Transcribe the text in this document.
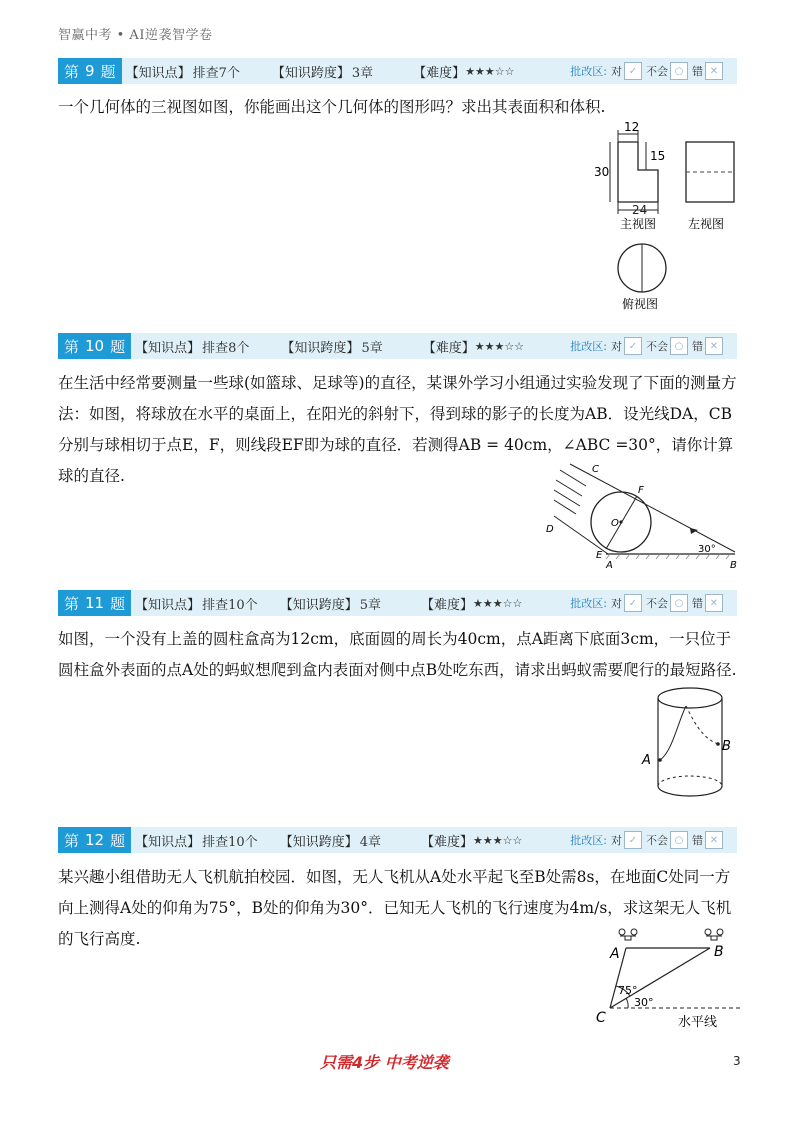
智赢中考 • AI逆袭智学卷
第 9 题 【知识点】 排查7个 【知识跨度】 3章	【难度】 ★★★☆☆	批改区: 对 ✓ 不会 ○ 错 ✕
一个几何体的三视图如图，你能画出这个几何体的图形吗？求出其表面积和体积.
12
15
30
24
主视图	左视图
俯视图
第 10 题 【知识点】 排查8个 【知识跨度】 5章	【难度】 ★★★☆☆	批改区: 对 ✓ 不会 ○ 错 ✕
在生活中经常要测量一些球(如篮球、足球等)的直径，某课外学习小组通过实验发现了下面的测量方法：如图，将球放在水平的桌面上，在阳光的斜射下，得到球的影子的长度为AB．设光线DA，CB分别与球相切于点E，F，则线段EF即为球的直径．若测得AB = 40cm，∠ABC =30°，请你计算球的直径.	C
F
O
D
E
A	B
30°
第 11 题 【知识点】 排查10个 【知识跨度】 5章	【难度】 ★★★☆☆	批改区: 对 ✓ 不会 ○ 错 ✕
如图，一个没有上盖的圆柱盒高为12cm，底面圆的周长为40cm，点A距离下底面3cm，一只位于圆柱盒外表面的点A处的蚂蚁想爬到盒内表面对侧中点B处吃东西，请求出蚂蚁需要爬行的最短路径.
A
B
第 12 题 【知识点】 排查10个 【知识跨度】 4章	【难度】 ★★★☆☆	批改区: 对 ✓ 不会 ○ 错 ✕
某兴趣小组借助无人飞机航拍校园．如图，无人飞机从A处水平起飞至B处需8s，在地面C处同一方向上测得A处的仰角为75°，B处的仰角为30°．已知无人飞机的飞行速度为4m/s，求这架无人飞机的飞行高度.
A	B
C
75°
30°
水平线
只需4步 中考逆袭	3
